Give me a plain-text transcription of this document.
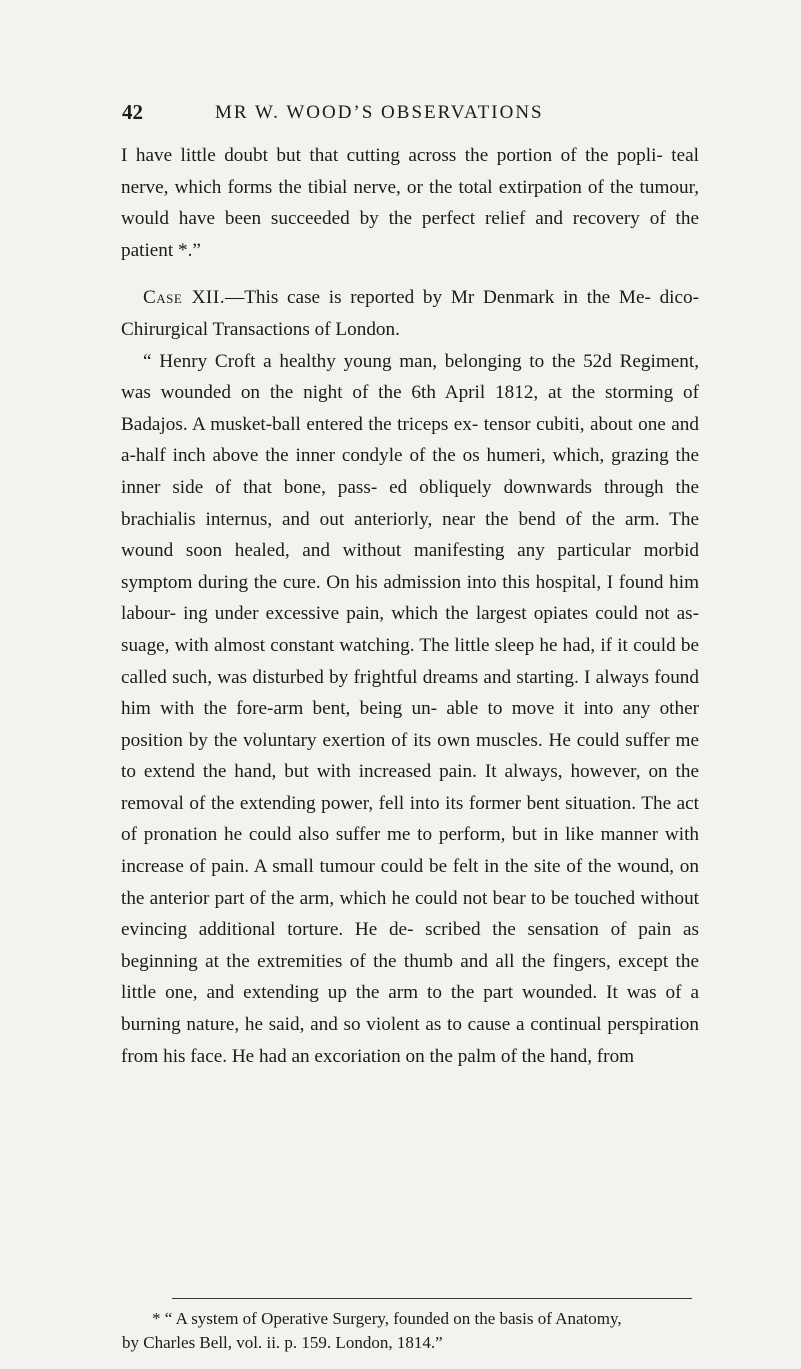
42	MR W. WOOD’S OBSERVATIONS

I have little doubt but that cutting across the portion of the popli- teal nerve, which forms the tibial nerve, or the total extirpation of the tumour, would have been succeeded by the perfect relief and recovery of the patient *.”

Case XII.—This case is reported by Mr Denmark in the Me- dico-Chirurgical Transactions of London.

“ Henry Croft a healthy young man, belonging to the 52d Regiment, was wounded on the night of the 6th April 1812, at the storming of Badajos. A musket-ball entered the triceps ex- tensor cubiti, about one and a-half inch above the inner condyle of the os humeri, which, grazing the inner side of that bone, pass- ed obliquely downwards through the brachialis internus, and out anteriorly, near the bend of the arm. The wound soon healed, and without manifesting any particular morbid symptom during the cure. On his admission into this hospital, I found him labour- ing under excessive pain, which the largest opiates could not as- suage, with almost constant watching. The little sleep he had, if it could be called such, was disturbed by frightful dreams and starting. I always found him with the fore-arm bent, being un- able to move it into any other position by the voluntary exertion of its own muscles. He could suffer me to extend the hand, but with increased pain. It always, however, on the removal of the extending power, fell into its former bent situation. The act of pronation he could also suffer me to perform, but in like manner with increase of pain. A small tumour could be felt in the site of the wound, on the anterior part of the arm, which he could not bear to be touched without evincing additional torture. He de- scribed the sensation of pain as beginning at the extremities of the thumb and all the fingers, except the little one, and extending up the arm to the part wounded. It was of a burning nature, he said, and so violent as to cause a continual perspiration from his face. He had an excoriation on the palm of the hand, from

* “ A system of Operative Surgery, founded on the basis of Anatomy,
by Charles Bell, vol. ii. p. 159. London, 1814.”
